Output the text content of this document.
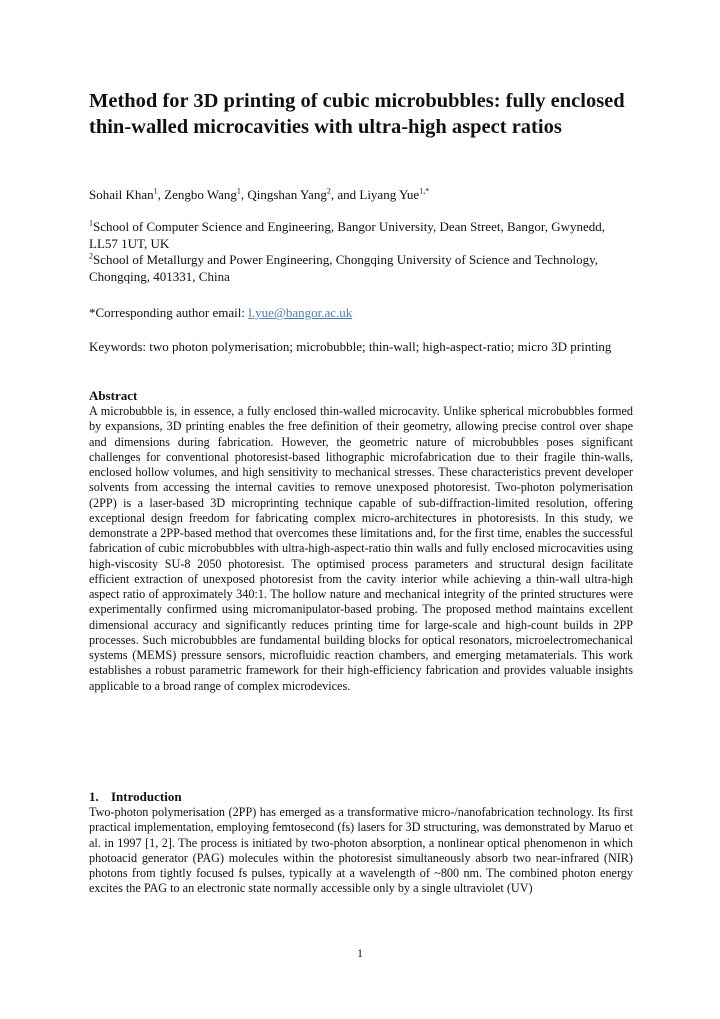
Method for 3D printing of cubic microbubbles: fully enclosed thin-walled microcavities with ultra-high aspect ratios
Sohail Khan$^1$, Zengbo Wang$^1$, Qingshan Yang$^2$, and Liyang Yue$^{1,*}$

$^1$School of Computer Science and Engineering, Bangor University, Dean Street, Bangor, Gwynedd, LL57 1UT, UK

$^2$School of Metallurgy and Power Engineering, Chongqing University of Science and Technology, Chongqing, 401331, China

*Corresponding author email: l.yue@bangor.ac.uk
Keywords: two photon polymerisation; microbubble; thin-wall; high-aspect-ratio; micro 3D printing

Abstract

A microbubble is, in essence, a fully enclosed thin-walled microcavity. Unlike spherical microbubbles formed by expansions, 3D printing enables the free definition of their geometry, allowing precise control over shape and dimensions during fabrication. However, the geometric nature of microbubbles poses significant challenges for conventional photoresist-based lithographic microfabrication due to their fragile thin-walls, enclosed hollow volumes, and high sensitivity to mechanical stresses. These characteristics prevent developer solvents from accessing the internal cavities to remove unexposed photoresist. Two-photon polymerisation (2PP) is a laser-based 3D microprinting technique capable of sub-diffraction-limited resolution, offering exceptional design freedom for fabricating complex micro-architectures in photoresists. In this study, we demonstrate a 2PP-based method that overcomes these limitations and, for the first time, enables the successful fabrication of cubic microbubbles with ultra-high-aspect-ratio thin walls and fully enclosed microcavities using high-viscosity SU-8 2050 photoresist. The optimised process parameters and structural design facilitate efficient extraction of unexposed photoresist from the cavity interior while achieving a thin-wall ultra-high aspect ratio of approximately 340:1. The hollow nature and mechanical integrity of the printed structures were experimentally confirmed using micromanipulator-based probing. The proposed method maintains excellent dimensional accuracy and significantly reduces printing time for large-scale and high-count builds in 2PP processes. Such microbubbles are fundamental building blocks for optical resonators, microelectromechanical systems (MEMS) pressure sensors, microfluidic reaction chambers, and emerging metamaterials. This work establishes a robust parametric framework for their high-efficiency fabrication and provides valuable insights applicable to a broad range of complex microdevices.

1. Introduction

Two-photon polymerisation (2PP) has emerged as a transformative micro-/nanofabrication technology. Its first practical implementation, employing femtosecond (fs) lasers for 3D structuring, was demonstrated by Maruo et al. in 1997 [1, 2]. The process is initiated by two-photon absorption, a nonlinear optical phenomenon in which photoacid generator (PAG) molecules within the photoresist simultaneously absorb two near-infrared (NIR) photons from tightly focused fs pulses, typically at a wavelength of ~800 nm. The combined photon energy excites the PAG to an electronic state normally accessible only by a single ultraviolet (UV)

1
